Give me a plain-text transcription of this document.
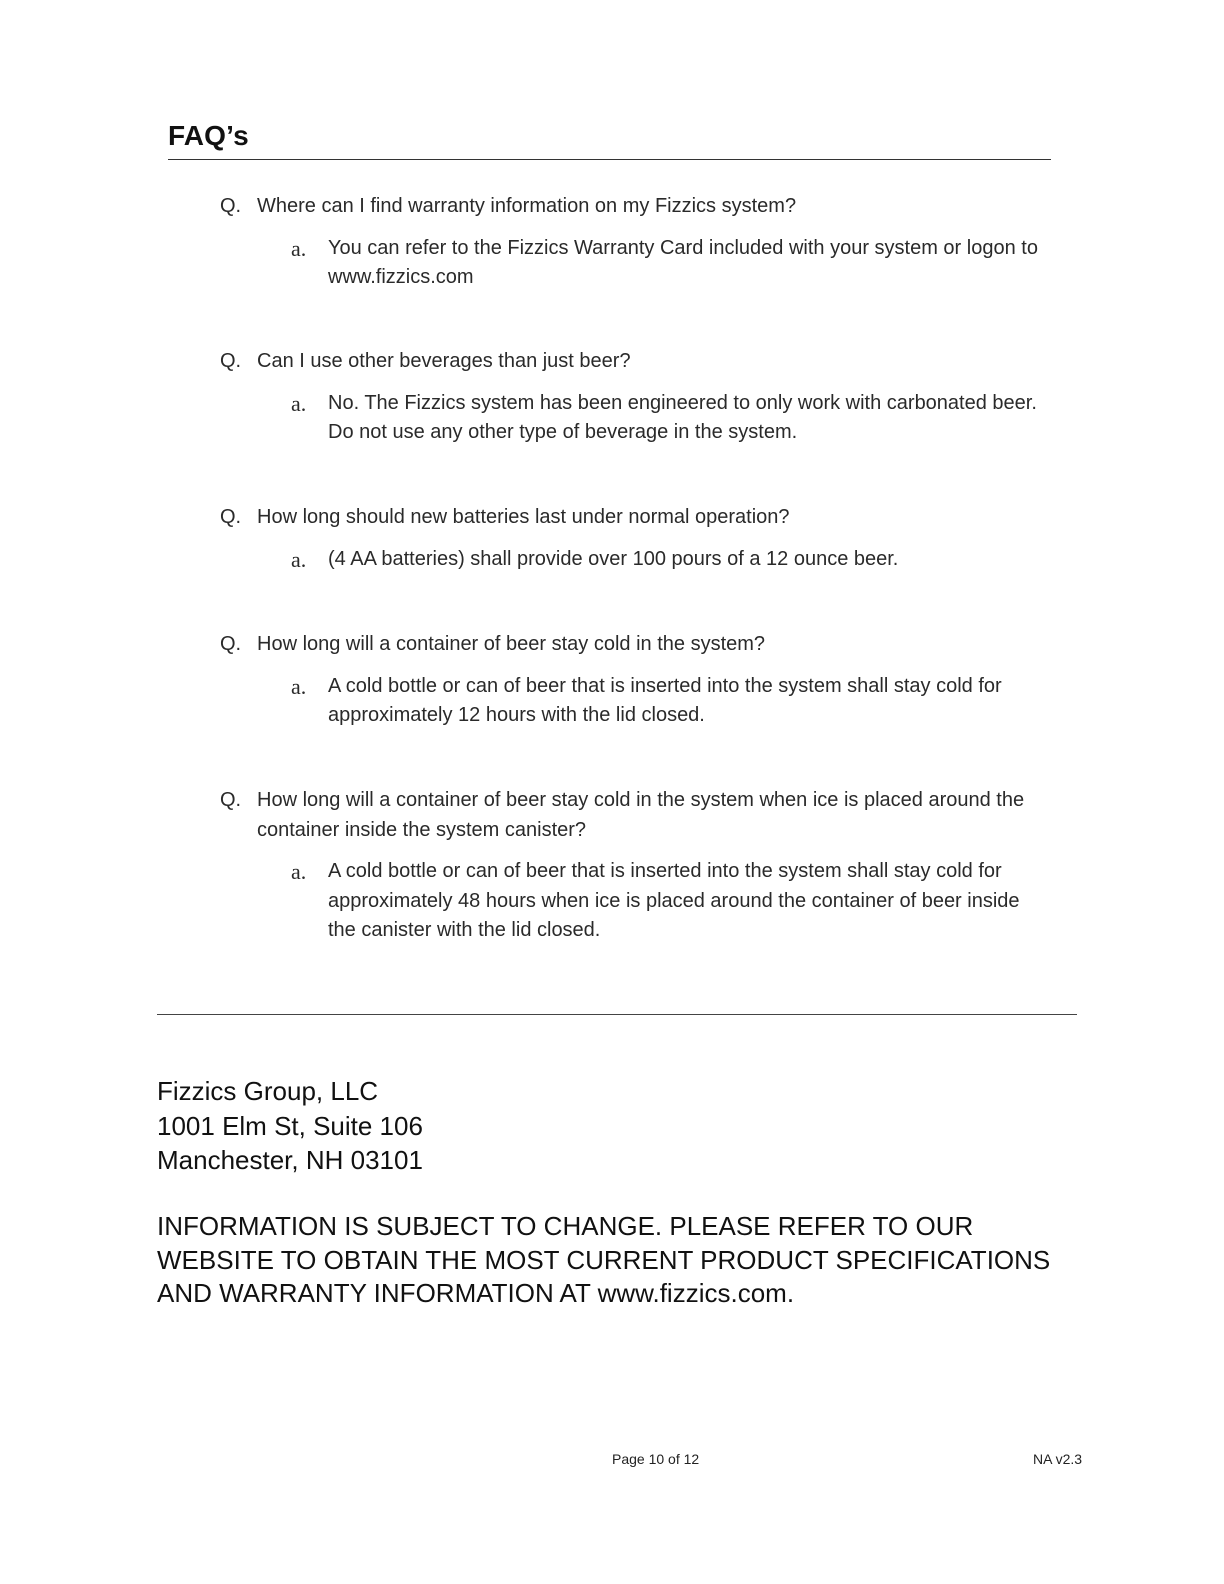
FAQ’s
Q. Where can I find warranty information on my Fizzics system?
a.	You can refer to the Fizzics Warranty Card included with your system or logon to www.fizzics.com
Q. Can I use other beverages than just beer?
a.	No. The Fizzics system has been engineered to only work with carbonated beer. Do not use any other type of beverage in the system.
Q. How long should new batteries last under normal operation?
a.	(4 AA batteries) shall provide over 100 pours of a 12 ounce beer.
Q. How long will a container of beer stay cold in the system?
a.	A cold bottle or can of beer that is inserted into the system shall stay cold for approximately 12 hours with the lid closed.
Q. How long will a container of beer stay cold in the system when ice is placed around the container inside the system canister?
a.	A cold bottle or can of beer that is inserted into the system shall stay cold for approximately 48 hours when ice is placed around the container of beer inside the canister with the lid closed.
Fizzics Group, LLC
1001 Elm St, Suite 106
Manchester, NH 03101
INFORMATION IS SUBJECT TO CHANGE. PLEASE REFER TO OUR WEBSITE TO OBTAIN THE MOST CURRENT PRODUCT SPECIFICATIONS AND WARRANTY INFORMATION AT www.fizzics.com.
Page 10 of 12	NA v2.3
